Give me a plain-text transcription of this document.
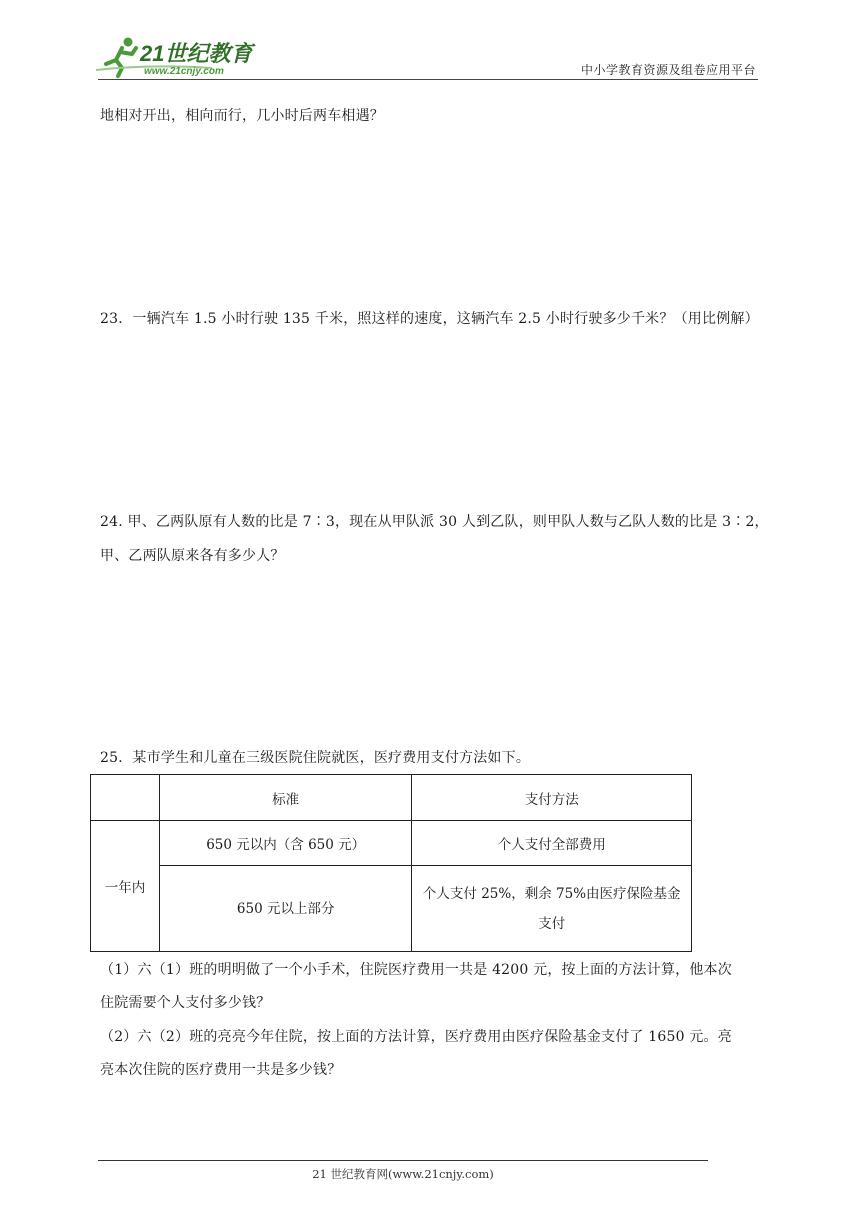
21世纪教育
www.21cnjy.com	中小学教育资源及组卷应用平台
地相对开出，相向而行，几小时后两车相遇？
23．一辆汽车 1.5 小时行驶 135 千米，照这样的速度，这辆汽车 2.5 小时行驶多少千米？（用比例解）
24. 甲、乙两队原有人数的比是 7∶3，现在从甲队派 30 人到乙队，则甲队人数与乙队人数的比是 3∶2，
甲、乙两队原来各有多少人？
25．某市学生和儿童在三级医院住院就医，医疗费用支付方法如下。
	标准	支付方法
一年内	650 元以内（含 650 元）	个人支付全部费用
	650 元以上部分	个人支付 25%，剩余 75%由医疗保险基金支付
（1）六（1）班的明明做了一个小手术，住院医疗费用一共是 4200 元，按上面的方法计算，他本次
住院需要个人支付多少钱？
（2）六（2）班的亮亮今年住院，按上面的方法计算，医疗费用由医疗保险基金支付了 1650 元。亮
亮本次住院的医疗费用一共是多少钱？
21 世纪教育网(www.21cnjy.com)
